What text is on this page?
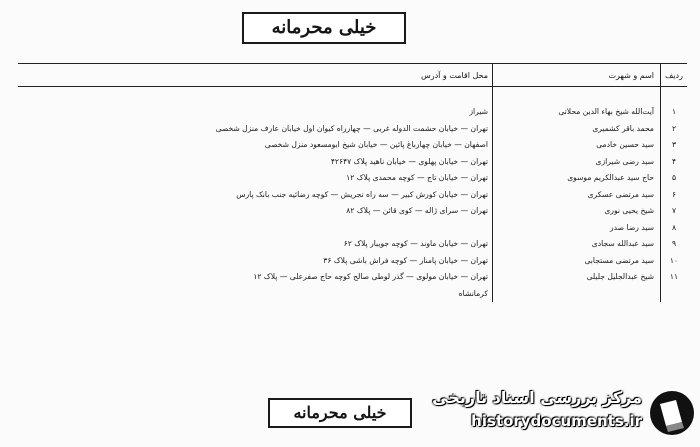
خیلی محرمانه
ردیف	اسم و شهرت	محل اقامت و آدرس

۱	آیت‌الله شیخ بهاء الدین محلاتی	شیراز
۲	محمد باقر کشمیری	تهران — خیابان حشمت الدوله غربی — چهارراه کیوان اول خیابان عارف منزل شخصی
۳	سید حسین خادمی	اصفهان — خیابان چهارباغ پائین — خیابان شیخ ابومسعود منزل شخصی
۴	سید رضی شیرازی	تهران — خیابان پهلوی — خیابان ناهید پلاک ۴۲۶۴۷
۵	حاج سید عبدالکریم موسوی	تهران — خیابان تاج — کوچه محمدی پلاک ۱۲
۶	سید مرتضی عسکری	تهران — خیابان کورش کبیر — سه راه تجریش — کوچه رضائیه جنب بانک پارس
۷	شیخ یحیی نوری	تهران — سرای ژاله — کوی قائن — پلاک ۸۲
۸	سید رضا صدر	
۹	سید عبدالله سجادی	تهران — خیابان ماوند — کوچه جویبار پلاک ۶۲
۱۰	سید مرتضی مستجابی	تهران — خیابان پامنار — کوچه فراش باشی پلاک ۳۶
۱۱	شیخ عبدالجلیل جلیلی	تهران — خیابان مولوی — گذر لوطی صالح کوچه حاج صفرعلی — پلاک ۱۲
		کرمانشاه
خیلی محرمانه
مرکز بررسی اسناد تاریخی
historydocuments.ir
